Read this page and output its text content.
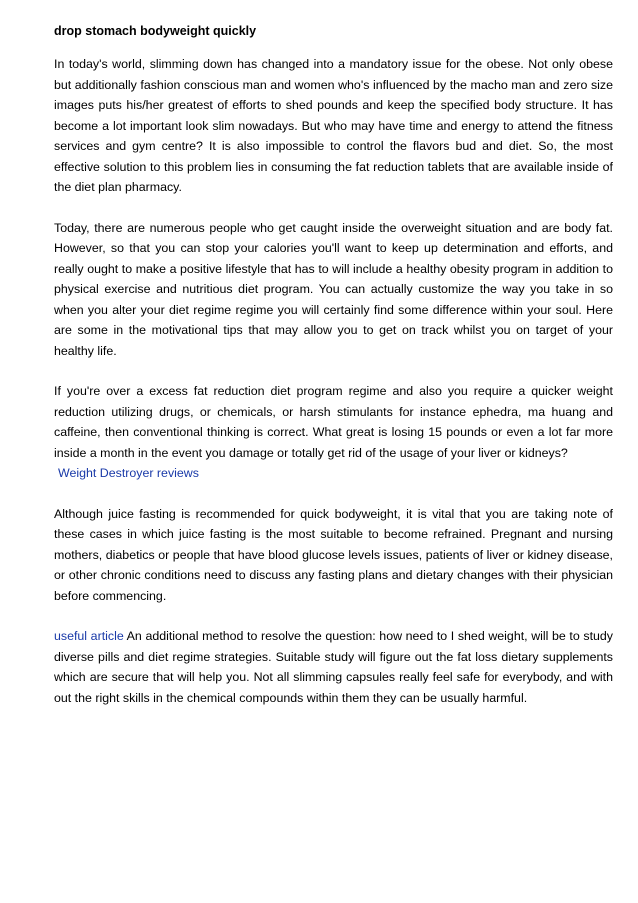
drop stomach bodyweight quickly

In today's world, slimming down has changed into a mandatory issue for the obese. Not only obese but additionally fashion conscious man and women who's influenced by the macho man and zero size images puts his/her greatest of efforts to shed pounds and keep the specified body structure. It has become a lot important look slim nowadays. But who may have time and energy to attend the fitness services and gym centre? It is also impossible to control the flavors bud and diet. So, the most effective solution to this problem lies in consuming the fat reduction tablets that are available inside of the diet plan pharmacy.

Today, there are numerous people who get caught inside the overweight situation and are body fat. However, so that you can stop your calories you'll want to keep up determination and efforts, and really ought to make a positive lifestyle that has to will include a healthy obesity program in addition to physical exercise and nutritious diet program. You can actually customize the way you take in so when you alter your diet regime regime you will certainly find some difference within your soul. Here are some in the motivational tips that may allow you to get on track whilst you on target of your healthy life.

If you're over a excess fat reduction diet program regime and also you require a quicker weight reduction utilizing drugs, or chemicals, or harsh stimulants for instance ephedra, ma huang and caffeine, then conventional thinking is correct. What great is losing 15 pounds or even a lot far more inside a month in the event you damage or totally get rid of the usage of your liver or kidneys?

Weight Destroyer reviews

Although juice fasting is recommended for quick bodyweight, it is vital that you are taking note of these cases in which juice fasting is the most suitable to become refrained. Pregnant and nursing mothers, diabetics or people that have blood glucose levels issues, patients of liver or kidney disease, or other chronic conditions need to discuss any fasting plans and dietary changes with their physician before commencing.

useful article An additional method to resolve the question: how need to I shed weight, will be to study diverse pills and diet regime strategies. Suitable study will figure out the fat loss dietary supplements which are secure that will help you. Not all slimming capsules really feel safe for everybody, and with out the right skills in the chemical compounds within them they can be usually harmful.
